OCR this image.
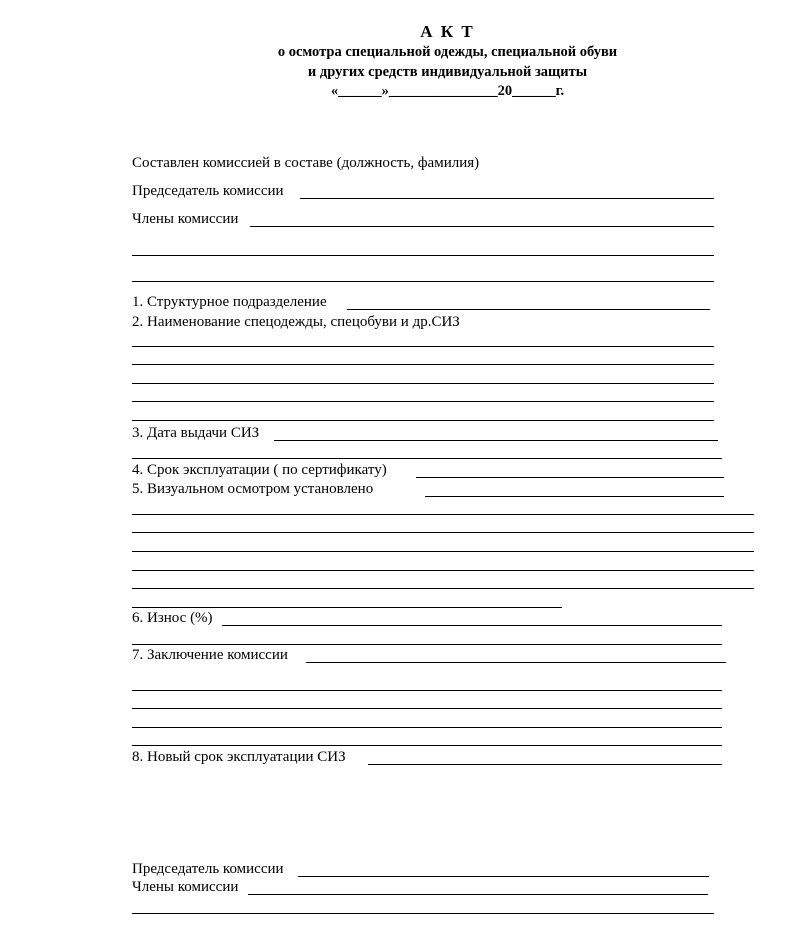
А К Т
о осмотра специальной одежды, специальной обуви
и других средств индивидуальной защиты
«______»_______________20______г.
Составлен комиссией в составе (должность, фамилия)
Председатель комиссии
Члены комиссии
1. Структурное подразделение
2. Наименование спецодежды, спецобуви и др.СИЗ
3. Дата выдачи СИЗ
4. Срок эксплуатации ( по сертификату)
5. Визуальном осмотром установлено
6. Износ (%)
7. Заключение комиссии
8. Новый срок эксплуатации СИЗ
Председатель комиссии
Члены комиссии
